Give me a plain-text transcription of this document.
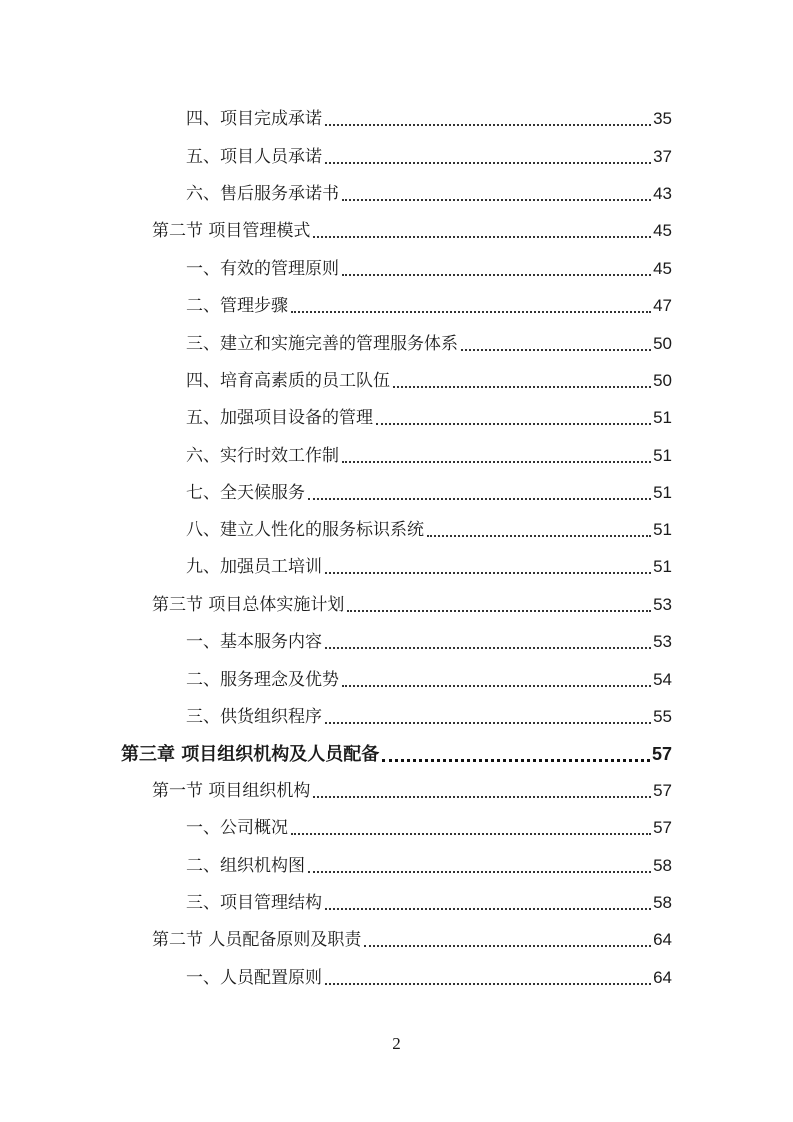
四、项目完成承诺	35
五、项目人员承诺	37
六、售后服务承诺书	43
第二节 项目管理模式	45
一、有效的管理原则	45
二、管理步骤	47
三、建立和实施完善的管理服务体系	50
四、培育高素质的员工队伍	50
五、加强项目设备的管理	51
六、实行时效工作制	51
七、全天候服务	51
八、建立人性化的服务标识系统	51
九、加强员工培训	51
第三节 项目总体实施计划	53
一、基本服务内容	53
二、服务理念及优势	54
三、供货组织程序	55
第三章 项目组织机构及人员配备	57
第一节 项目组织机构	57
一、公司概况	57
二、组织机构图	58
三、项目管理结构	58
第二节 人员配备原则及职责	64
一、人员配置原则	64
2
